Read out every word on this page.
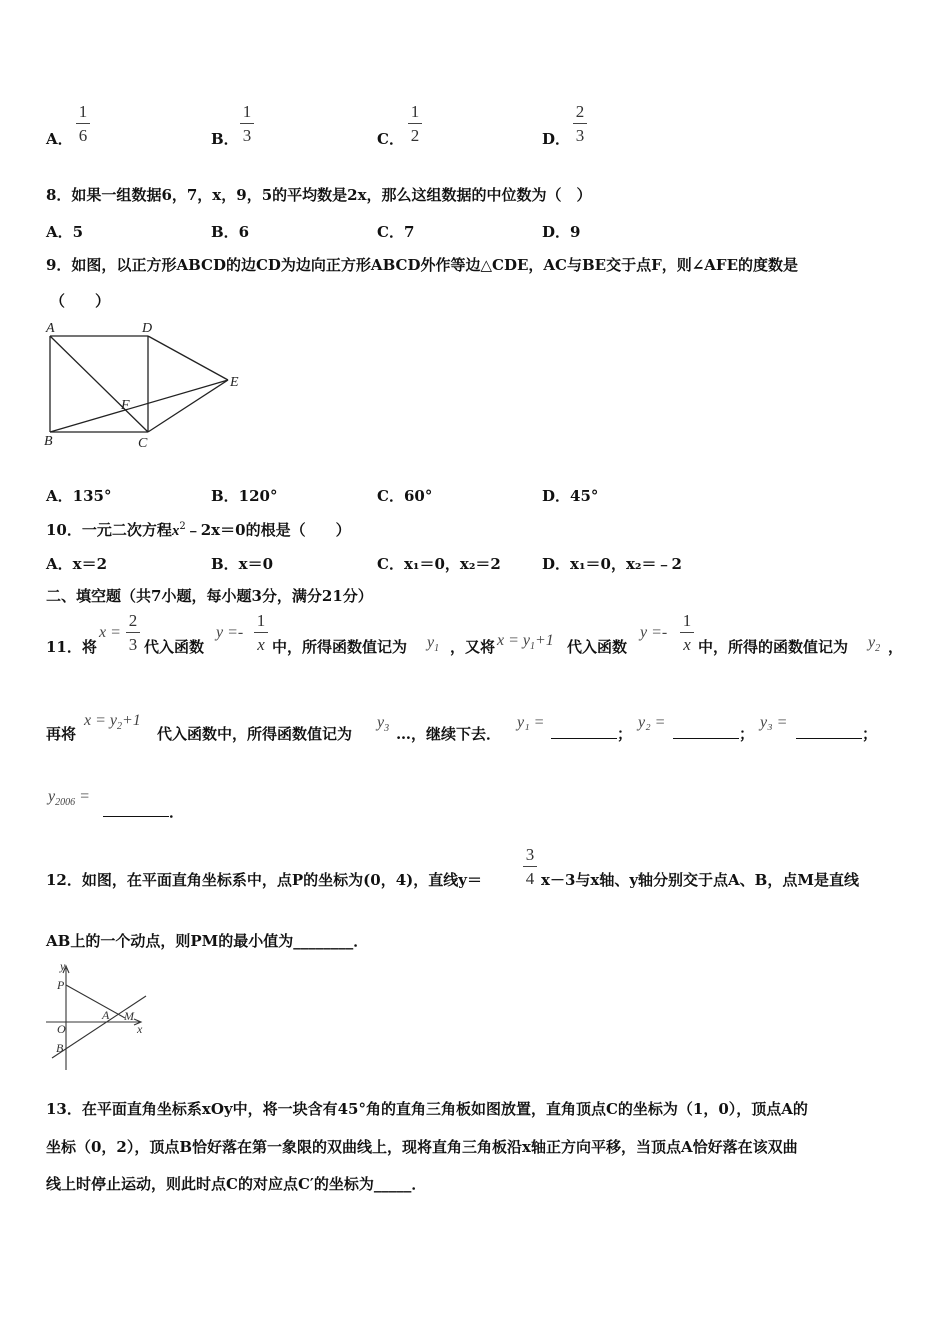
A．
1
6	B．
1
3	C．
1
2	D．
2
3
8．如果一组数据6，7，x，9，5的平均数是2x，那么这组数据的中位数为（　）
A．5	B．6	C．7	D．9
9．如图，以正方形ABCD的边CD为边向正方形ABCD外作等边△CDE，AC与BE交于点F，则∠AFE的度数是
（　　）
A	D
E
F
B	C
A．135°	B．120°	C．60°	D．45°
10．一元二次方程$x^2﹣2x=0$的根是（　　）
A．x＝2	B．x＝0	C．x₁＝0，x₂＝2	D．x₁＝0，x₂＝﹣2
二、填空题（共7小题，每小题3分，满分21分）
11．将
x =
2
3 代入函数
y =-
1
x 中，所得函数值记为 $y_1$ ，又将 $x = y_1+1$ 代入函数
y =-
1
x 中，所得的函数值记为 $y_2$ ，
再将
$x = y_2+1$
代入函数中，所得函数值记为
$y_3$ …，继续下去．
y₁ =
；
y₂ =
；
y₃ =
；
$y_{2006}$ =
．
12．如图，在平面直角坐标系中，点P的坐标为(0，4)，直线y＝
3
4 x－3与x轴、y轴分别交于点A、B，点M是直线
AB上的一个动点，则PM的最小值为________．
y
x
P
A M
O
B
13．在平面直角坐标系xOy中，将一块含有45°角的直角三角板如图放置，直角顶点C的坐标为（1，0），顶点A的
坐标（0，2），顶点B恰好落在第一象限的双曲线上，现将直角三角板沿x轴正方向平移，当顶点A恰好落在该双曲
线上时停止运动，则此时点C的对应点C′的坐标为_____．
